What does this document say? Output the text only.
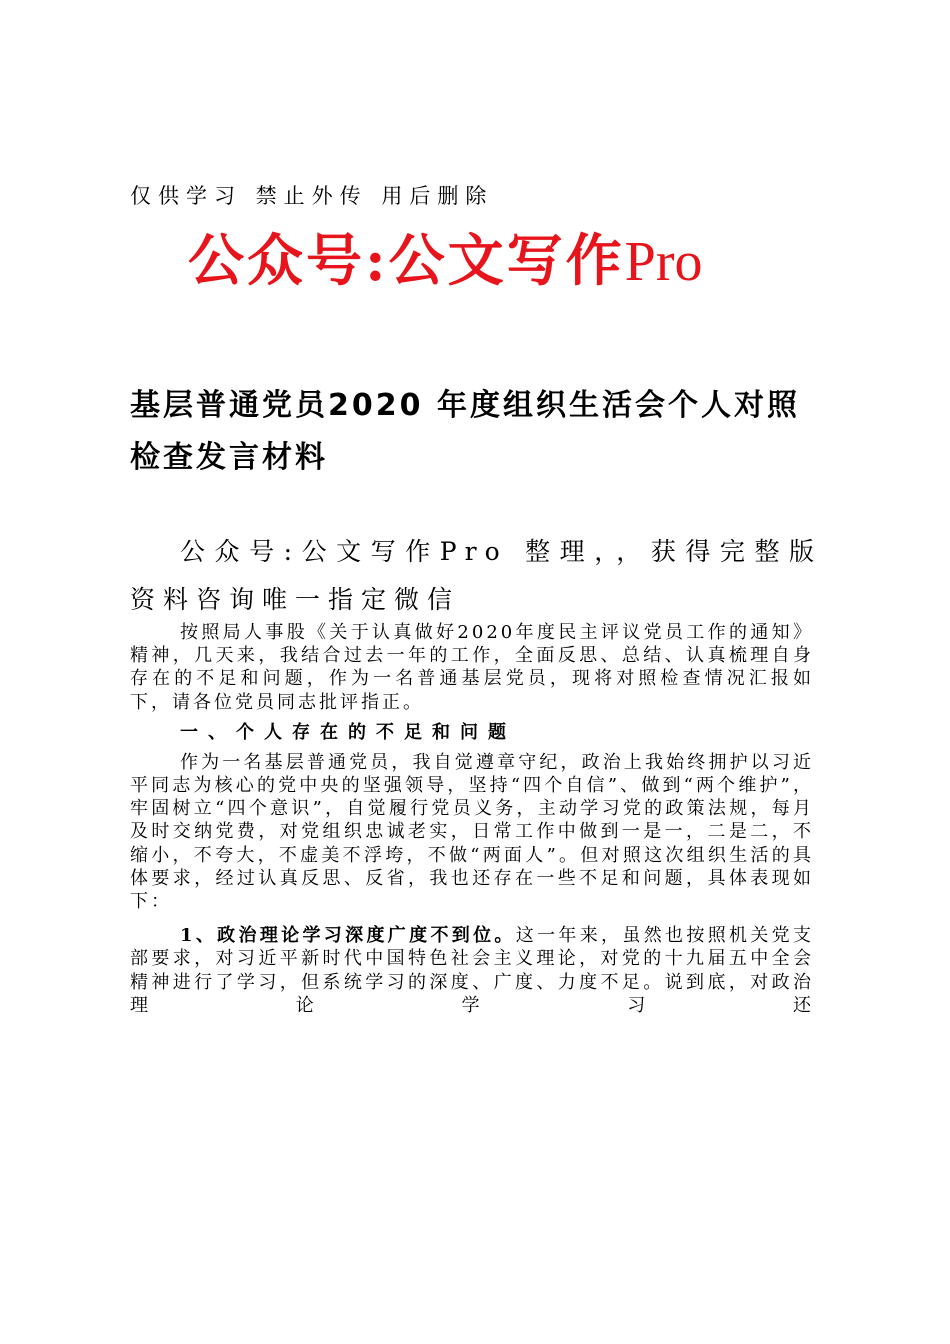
仅供学习 禁止外传 用后删除
公众号:公文写作Pro
基层普通党员2020 年度组织生活会个人对照检查发言材料
公众号:公文写作Pro 整理，，获得完整版资料咨询唯一指定微信

按照局人事股《关于认真做好2020年度民主评议党员工作的通知》精神，几天来，我结合过去一年的工作，全面反思、总结、认真梳理自身存在的不足和问题，作为一名普通基层党员，现将对照检查情况汇报如下，请各位党员同志批评指正。

一、个人存在的不足和问题

作为一名基层普通党员，我自觉遵章守纪，政治上我始终拥护以习近平同志为核心的党中央的坚强领导，坚持“四个自信”、做到“两个维护”，牢固树立“四个意识”，自觉履行党员义务，主动学习党的政策法规，每月及时交纳党费，对党组织忠诚老实，日常工作中做到一是一，二是二，不缩小，不夸大，不虚美不浮垮，不做“两面人”。但对照这次组织生活的具体要求，经过认真反思、反省，我也还存在一些不足和问题，具体表现如下：

1、政治理论学习深度广度不到位。这一年来，虽然也按照机关党支部要求，对习近平新时代中国特色社会主义理论，对党的十九届五中全会精神进行了学习，但系统学习的深度、广度、力度不足。说到底，对政治理论学习还
